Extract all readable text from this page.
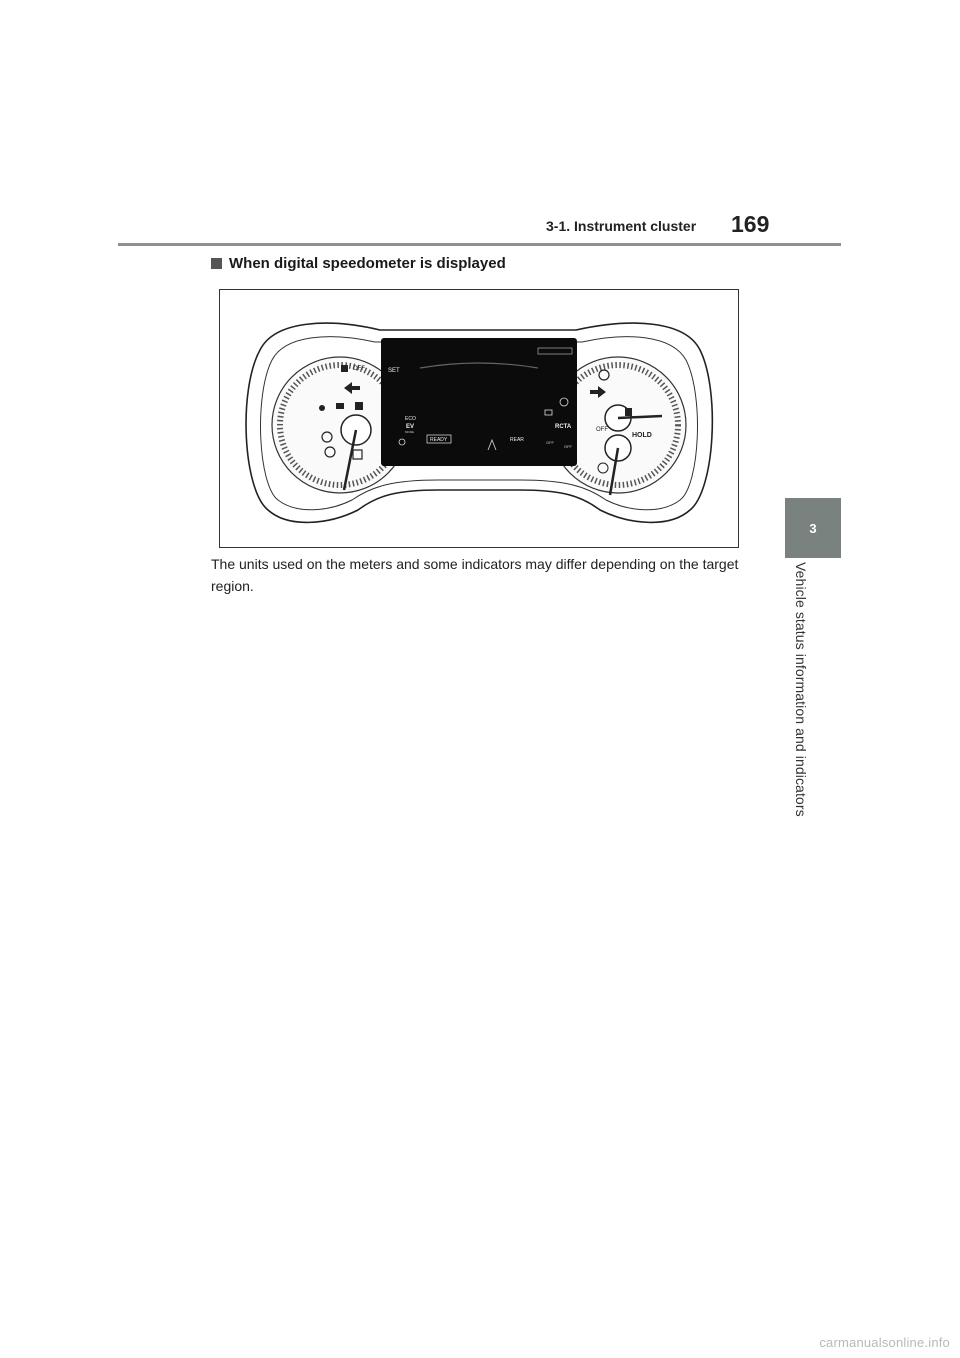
3-1. Instrument cluster 169
3
Vehicle status information and indicators
When digital speedometer is displayed
OFF
OFF
HOLD
SET
ECO
EV
MODE
READY	REAR
RCTA
OFF
OFF
The units used on the meters and some indicators may differ depending on the target region.
carmanualsonline.info
